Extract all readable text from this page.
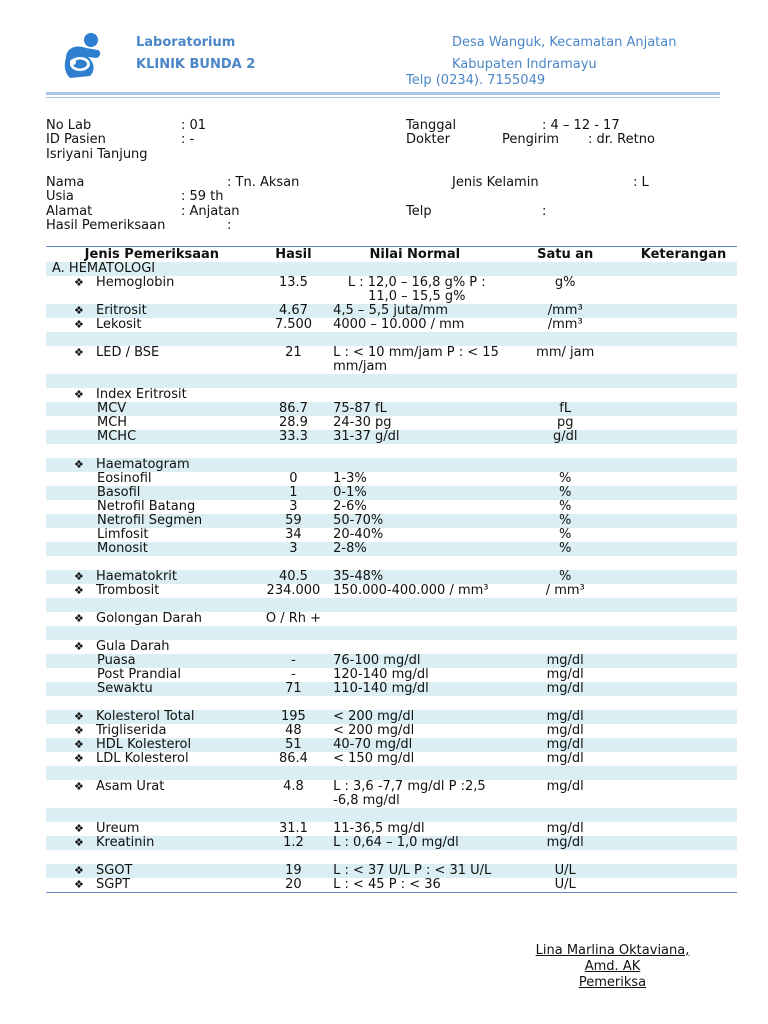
Laboratorium
KLINIK BUNDA 2
Desa Wanguk, Kecamatan Anjatan
Kabupaten Indramayu
Telp (0234). 7155049
No Lab	: 01
ID Pasien	: -
Tanggal	: 4 – 12 - 17
Dokter	Pengirim : dr. Retno
Isriyani Tanjung
Nama	: Tn. Aksan	Jenis Kelamin	: L
Usia	: 59 th
Alamat	: Anjatan	Telp	:
Hasil Pemeriksaan	:
Jenis Pemeriksaan	Hasil	Nilai Normal	Satu an	Keterangan
A. HEMATOLOGI				
❖ Hemoglobin	13.5	L : 12,0 – 16,8 g% P : 11,0 – 15,5 g%	g%	
❖ Eritrosit	4.67	4,5 – 5,5 juta/mm	/mm³	
❖ Lekosit	7.500	4000 – 10.000 / mm	/mm³	

❖ LED / BSE	21	L : < 10 mm/jam P : < 15 mm/jam	mm/ jam	

❖ Index Eritrosit				
MCV	86.7	75-87 fL	fL	
MCH	28.9	24-30 pg	pg	
MCHC	33.3	31-37 g/dl	g/dl	

❖ Haematogram				
Eosinofil	0	1-3%	%	
Basofil	1	0-1%	%	
Netrofil Batang	3	2-6%	%	
Netrofil Segmen	59	50-70%	%	
Limfosit	34	20-40%	%	
Monosit	3	2-8%	%	

❖ Haematokrit	40.5	35-48%	%	
❖ Trombosit	234.000	150.000-400.000 / mm³	/ mm³	

❖ Golongan Darah	O / Rh +			

❖ Gula Darah				
Puasa	-	76-100 mg/dl	mg/dl	
Post Prandial	-	120-140 mg/dl	mg/dl	
Sewaktu	71	110-140 mg/dl	mg/dl	

❖ Kolesterol Total	195	< 200 mg/dl	mg/dl	
❖ Trigliserida	48	< 200 mg/dl	mg/dl	
❖ HDL Kolesterol	51	40-70 mg/dl	mg/dl	
❖ LDL Kolesterol	86.4	< 150 mg/dl	mg/dl	

❖ Asam Urat	4.8	L : 3,6 -7,7 mg/dl P :2,5 -6,8 mg/dl	mg/dl	

❖ Ureum	31.1	11-36,5 mg/dl	mg/dl	
❖ Kreatinin	1.2	L : 0,64 – 1,0 mg/dl	mg/dl	

❖ SGOT	19	L : < 37 U/L P : < 31 U/L	U/L	
❖ SGPT	20	L : < 45 P : < 36	U/L	
Lina Marlina Oktaviana,
Amd. AK
Pemeriksa
